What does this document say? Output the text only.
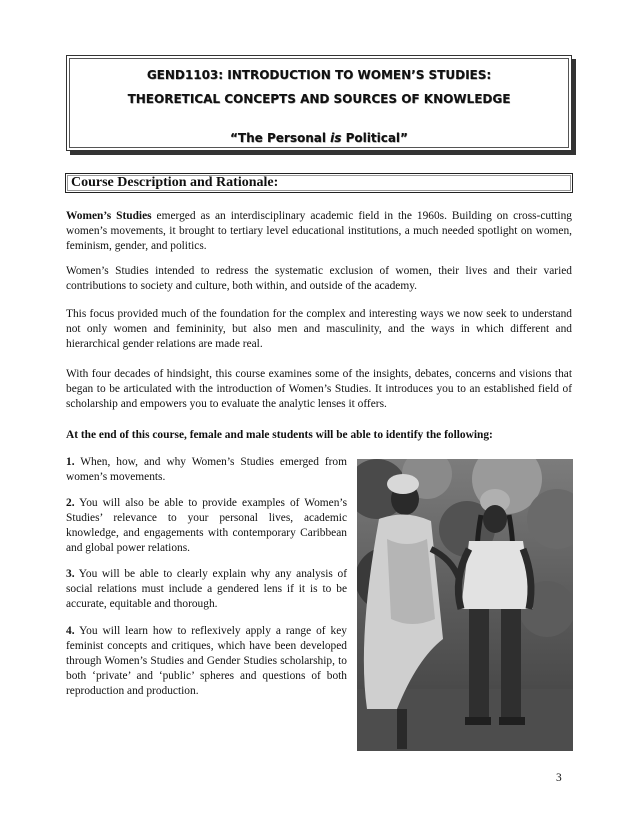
GEND1103: INTRODUCTION TO WOMEN’S STUDIES:
THEORETICAL CONCEPTS AND SOURCES OF KNOWLEDGE
“The Personal is Political”
Course Description and Rationale:
Women’s Studies emerged as an interdisciplinary academic field in the 1960s. Building on cross-cutting women’s movements, it brought to tertiary level educational institutions, a much needed spotlight on women, feminism, gender, and politics.
Women’s Studies intended to redress the systematic exclusion of women, their lives and their varied contributions to society and culture, both within, and outside of the academy.
This focus provided much of the foundation for the complex and interesting ways we now seek to understand not only women and femininity, but also men and masculinity, and the ways in which different and hierarchical gender relations are made real.
With four decades of hindsight, this course examines some of the insights, debates, concerns and visions that began to be articulated with the introduction of Women’s Studies. It introduces you to an established field of scholarship and empowers you to evaluate the analytic lenses it offers.
At the end of this course, female and male students will be able to identify the following:
1. When, how, and why Women’s Studies emerged from women’s movements.
2. You will also be able to provide examples of Women’s Studies’ relevance to your personal lives, academic knowledge, and engagements with contemporary Caribbean and global power relations.
3. You will be able to clearly explain why any analysis of social relations must include a gendered lens if it is to be accurate, equitable and thorough.
4. You will learn how to reflexively apply a range of key feminist concepts and critiques, which have been developed through Women’s Studies and Gender Studies scholarship, to both ‘private’ and ‘public’ spheres and questions of both reproduction and production.
3
